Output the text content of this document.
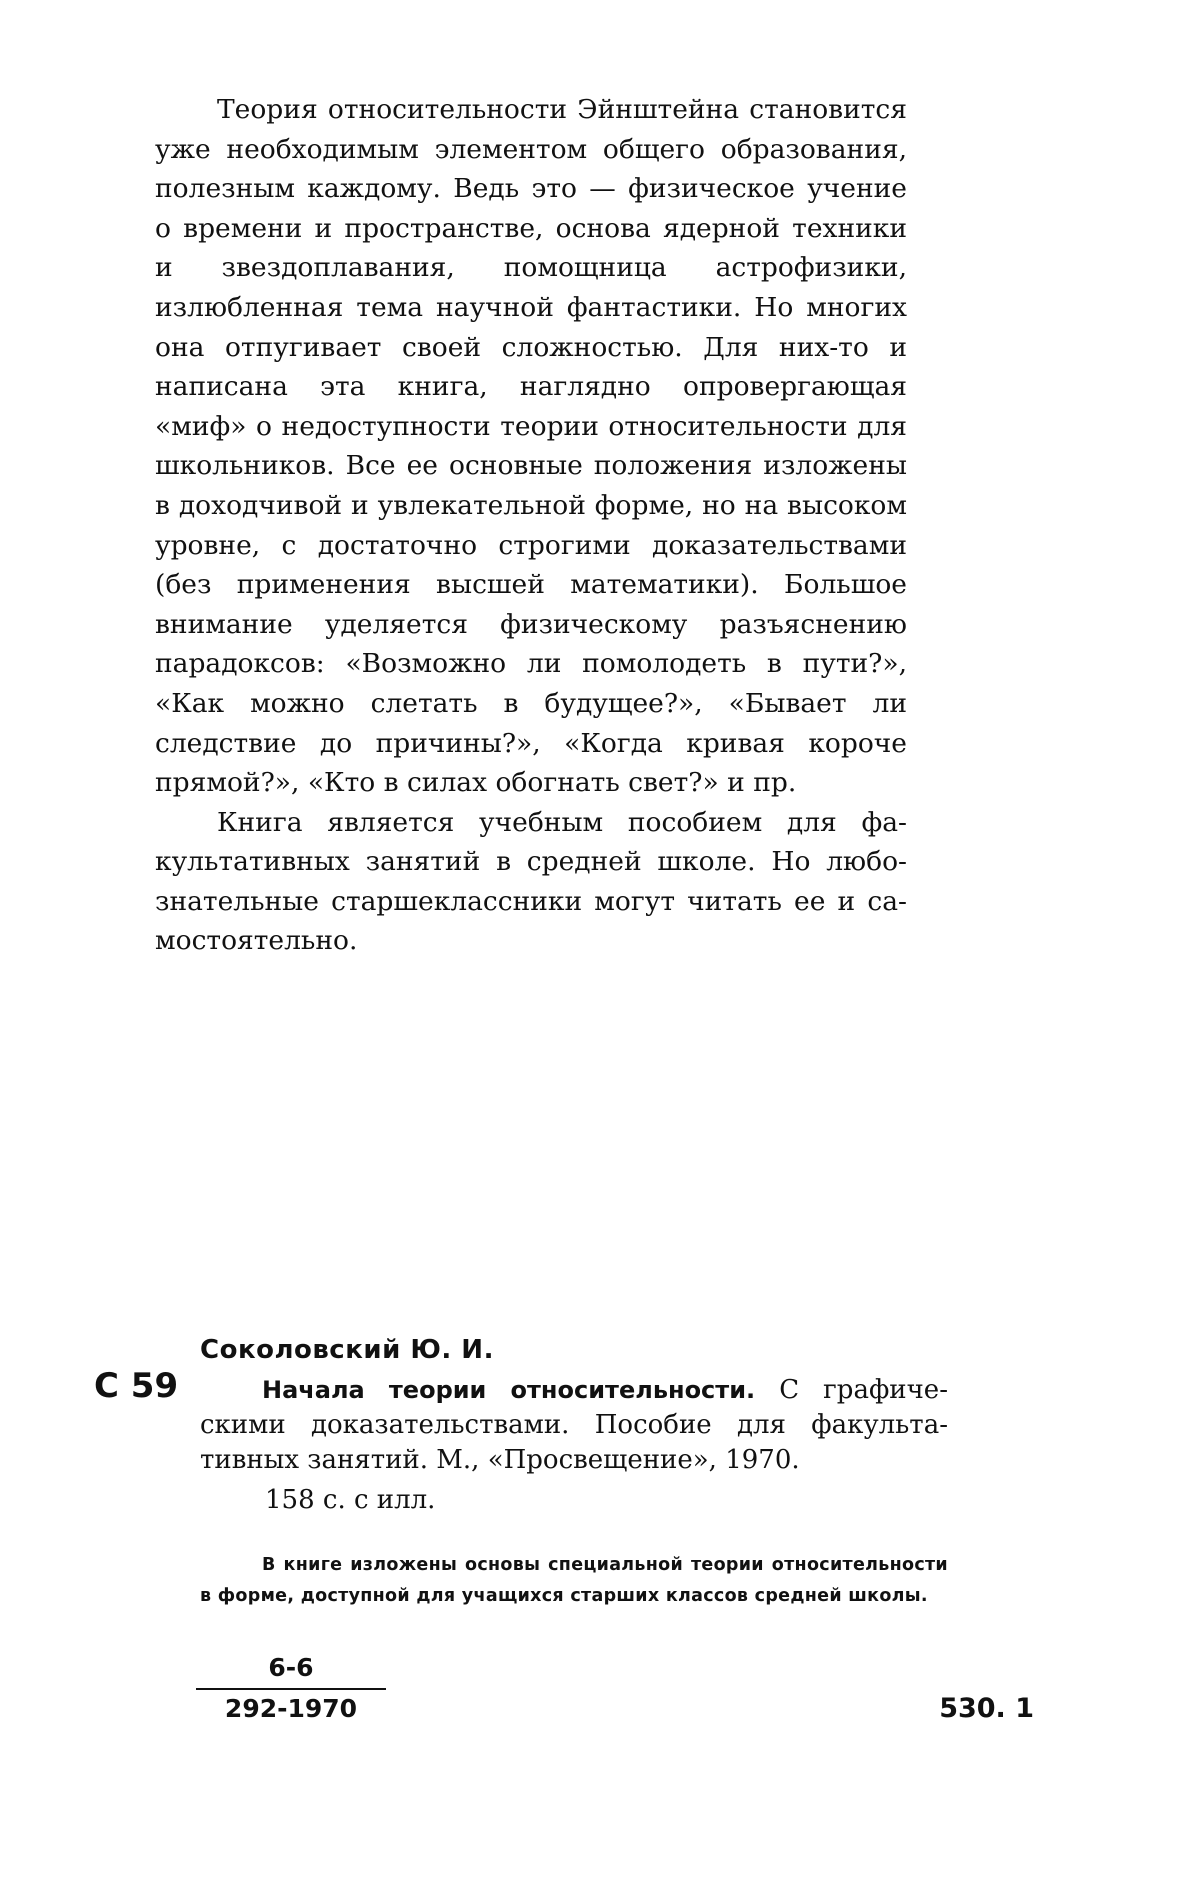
Теория относительности Эйнштейна становится уже необходимым элементом общего образования, полезным каждому. Ведь это — физическое учение о времени и пространстве, основа ядерной техники и звездоплавания, помощница астрофизики, излюбленная тема научной фантастики. Но многих она отпугивает своей сложностью. Для них-то и написана эта книга, наглядно опровергающая «миф» о недоступности теории относительности для школьников. Все ее основные положения изложены в доходчивой и увлекательной форме, но на высоком уровне, с достаточно строгими доказательствами (без применения высшей математики). Большое внимание уделяется физическому разъяснению парадоксов: «Возможно ли помолодеть в пути?», «Как можно слетать в будущее?», «Бывает ли следствие до причины?», «Когда кривая короче прямой?», «Кто в силах обогнать свет?» и пр.

Книга является учебным пособием для факультативных занятий в средней школе. Но любознательные старшеклассники могут читать ее и самостоятельно.

Соколовский Ю. И.
С 59	Начала теории относительности. С графическими доказательствами. Пособие для факультативных занятий. М., «Просвещение», 1970.
158 с. с илл.
В книге изложены основы специальной теории относительности в форме, доступной для учащихся старших классов средней школы.
6-6
292-1970	530. 1
